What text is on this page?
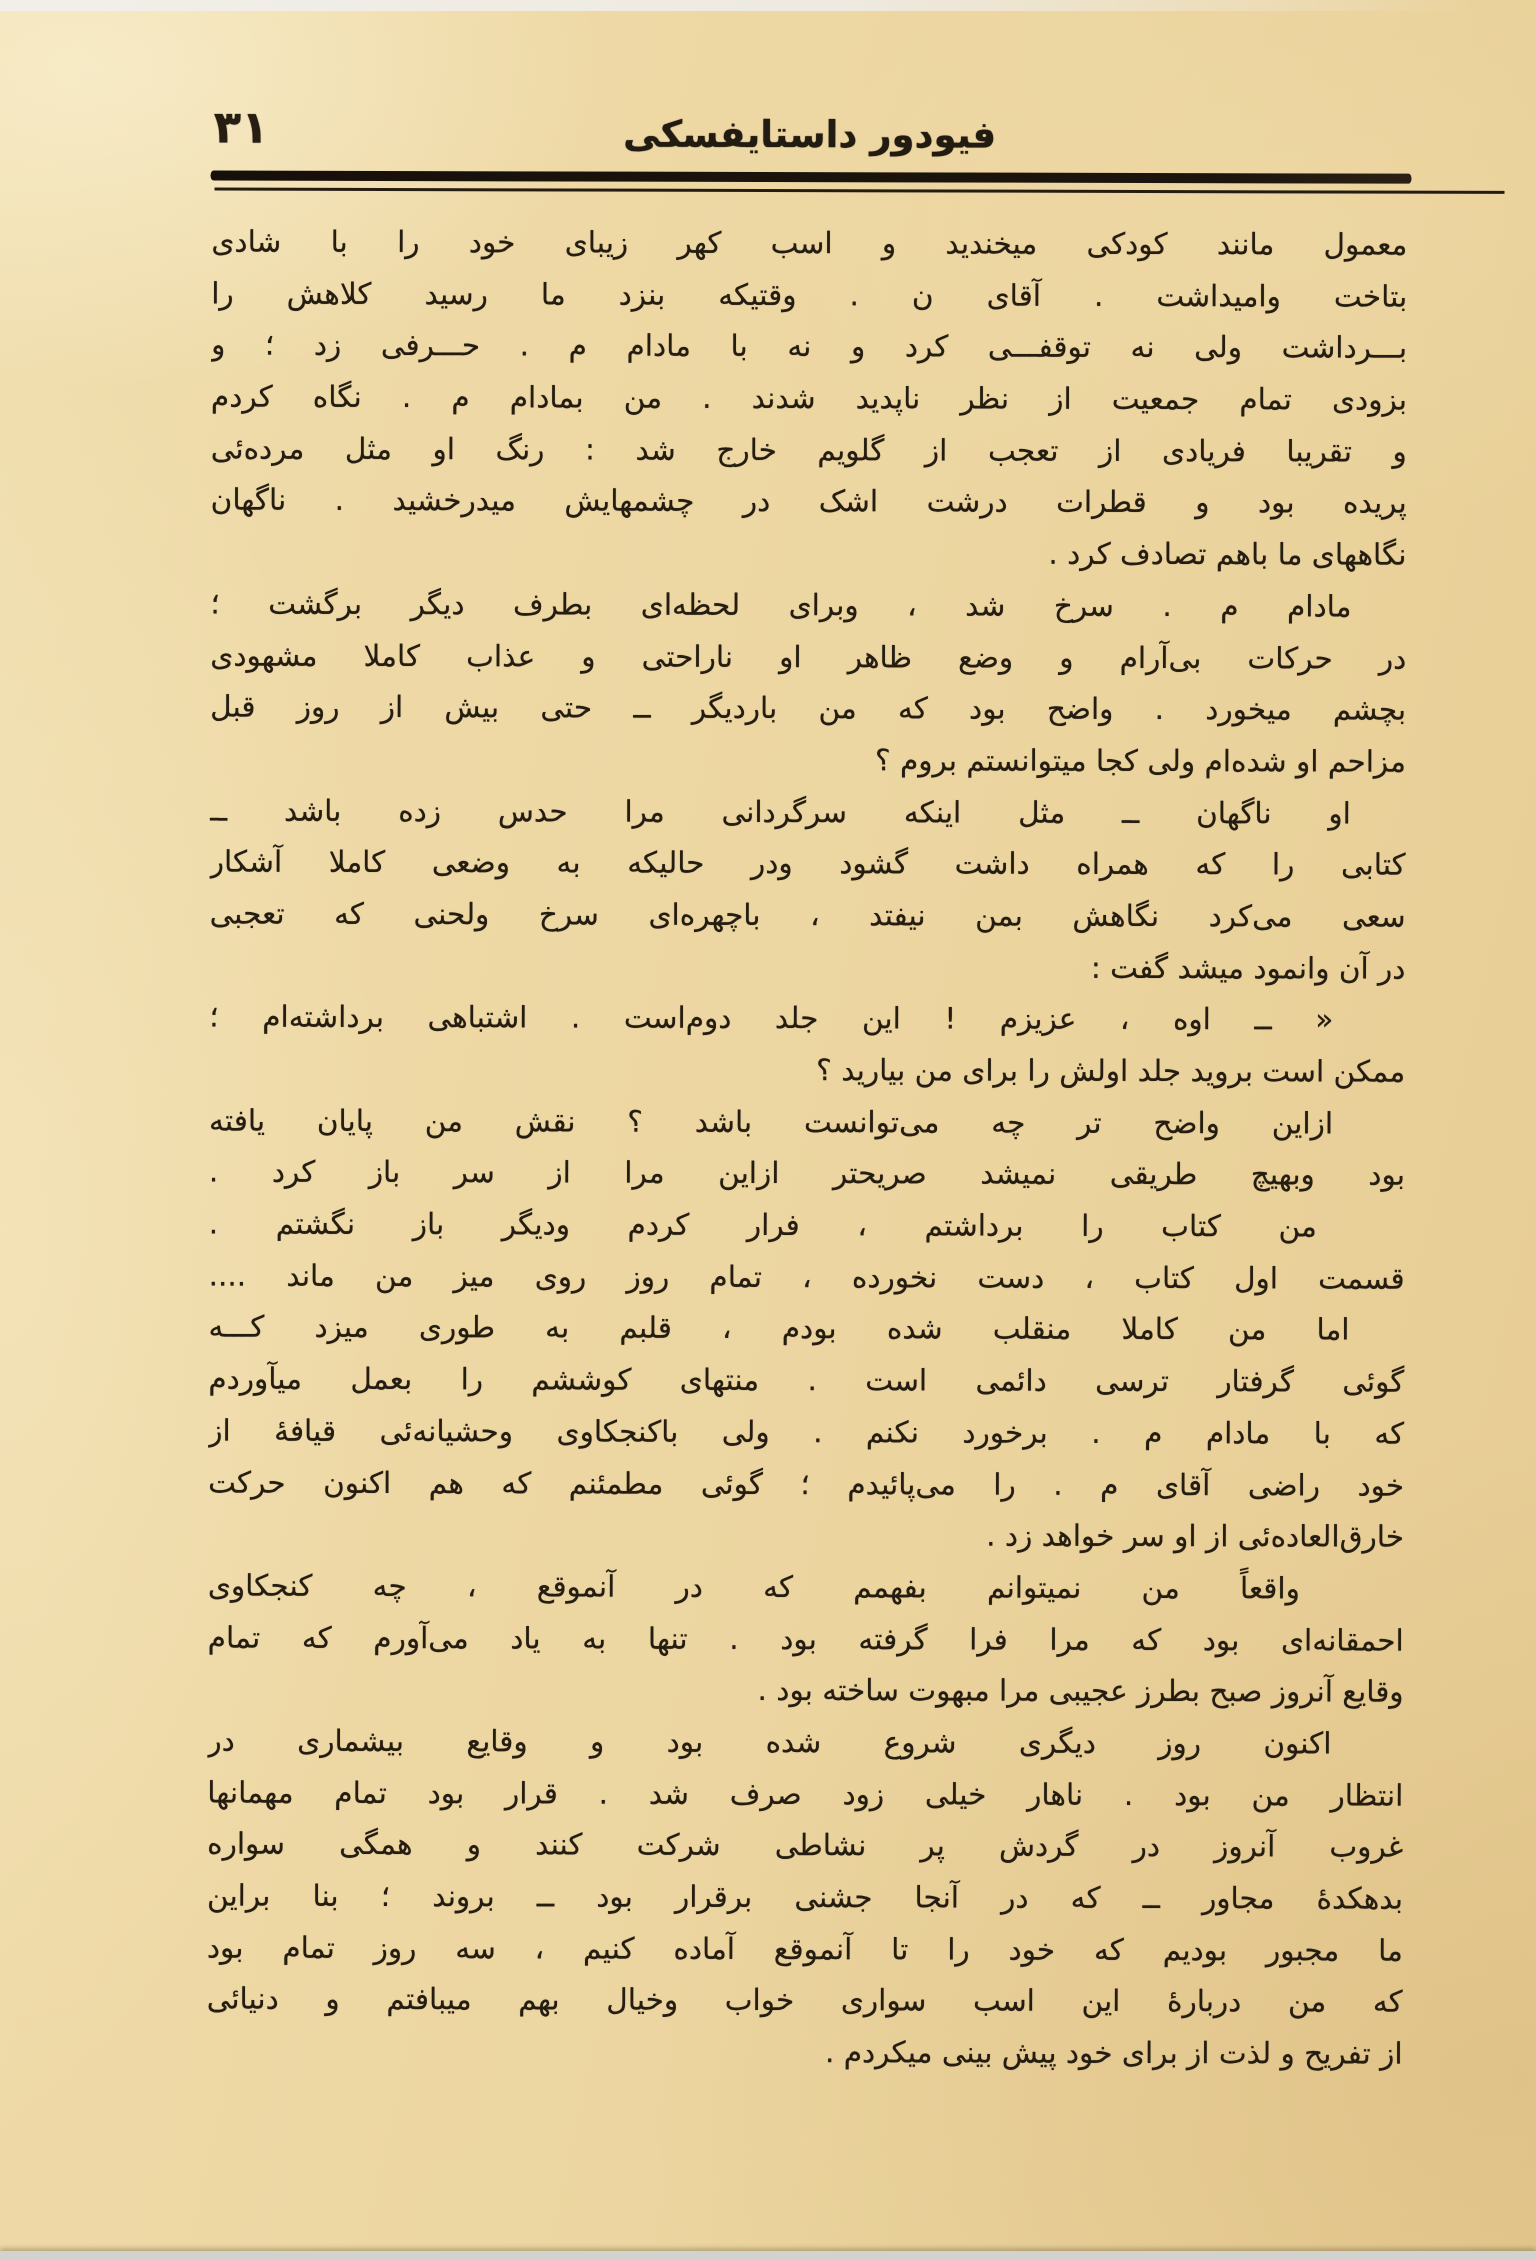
۳۱	فیودور داستایفسکی
معمول مانند کودکی میخندید و اسب کهر زیبای خود را با شادی
بتاخت وامیداشت . آقای ن . وقتیکه بنزد ما رسید کلاهش را
بـــرداشت ولی نه توقفـــی کرد و نه با مادام م . حـــرفی زد ؛ و
بزودی تمام جمعیت از نظر ناپدید شدند . من بمادام م . نگاه کردم
و تقریبا فریادی از تعجب از گلویم خارج شد : رنگ او مثل مرده‌ئی
پریده بود و قطرات درشت اشک در چشمهایش میدرخشید . ناگهان
نگاههای ما باهم تصادف کرد .
مادام م . سرخ شد ، وبرای لحظه‌ای بطرف دیگر برگشت ؛
در حرکات بی‌آرام و وضع ظاهر او ناراحتی و عذاب کاملا مشهودی
بچشم میخورد . واضح بود که من باردیگر ــ حتی بیش از روز قبل
مزاحم او شده‌ام ولی کجا میتوانستم بروم ؟
او ناگهان ــ مثل اینکه سرگردانی مرا حدس زده باشد ــ
کتابی را که همراه داشت گشود ودر حالیکه به وضعی کاملا آشکار
سعی می‌کرد نگاهش بمن نیفتد ، باچهره‌ای سرخ ولحنی که تعجبی
در آن وانمود میشد گفت :
« ــ اوه ، عزیزم ! این جلد دوم‌است . اشتباهی برداشته‌ام ؛
ممکن است بروید جلد اولش را برای من بیارید ؟
ازاین واضح تر چه می‌توانست باشد ؟ نقش من پایان یافته
بود وبهیچ طریقی نمیشد صریحتر ازاین مرا از سر باز کرد .
من کتاب را برداشتم ، فرار کردم ودیگر باز نگشتم .
قسمت اول کتاب ، دست نخورده ، تمام روز روی میز من ماند ....
اما من کاملا منقلب شده بودم ، قلبم به طوری میزد کـــه
گوئی گرفتار ترسی دائمی است . منتهای کوششم را بعمل میآوردم
که با مادام م . برخورد نکنم . ولی باکنجکاوی وحشیانه‌ئی قیافهٔ از
خود راضی آقای م . را می‌پائیدم ؛ گوئی مطمئنم که هم اکنون حرکت
خارق‌العاده‌ئی از او سر خواهد زد .
واقعاً من نمیتوانم بفهمم که در آنموقع ، چه کنجکاوی
احمقانه‌ای بود که مرا فرا گرفته بود . تنها به یاد می‌آورم که تمام
وقایع آنروز صبح بطرز عجیبی مرا مبهوت ساخته بود .
اکنون روز دیگری شروع شده بود و وقایع بیشماری در
انتظار من بود . ناهار خیلی زود صرف شد . قرار بود تمام مهمانها
غروب آنروز در گردش پر نشاطی شرکت کنند و همگی سواره
بدهکدهٔ مجاور ــ که در آنجا جشنی برقرار بود ــ بروند ؛ بنا براین
ما مجبور بودیم که خود را تا آنموقع آماده کنیم ، سه روز تمام بود
که من دربارهٔ این اسب سواری خواب وخیال بهم میبافتم و دنیائی
از تفریح و لذت از برای خود پیش بینی میکردم .
